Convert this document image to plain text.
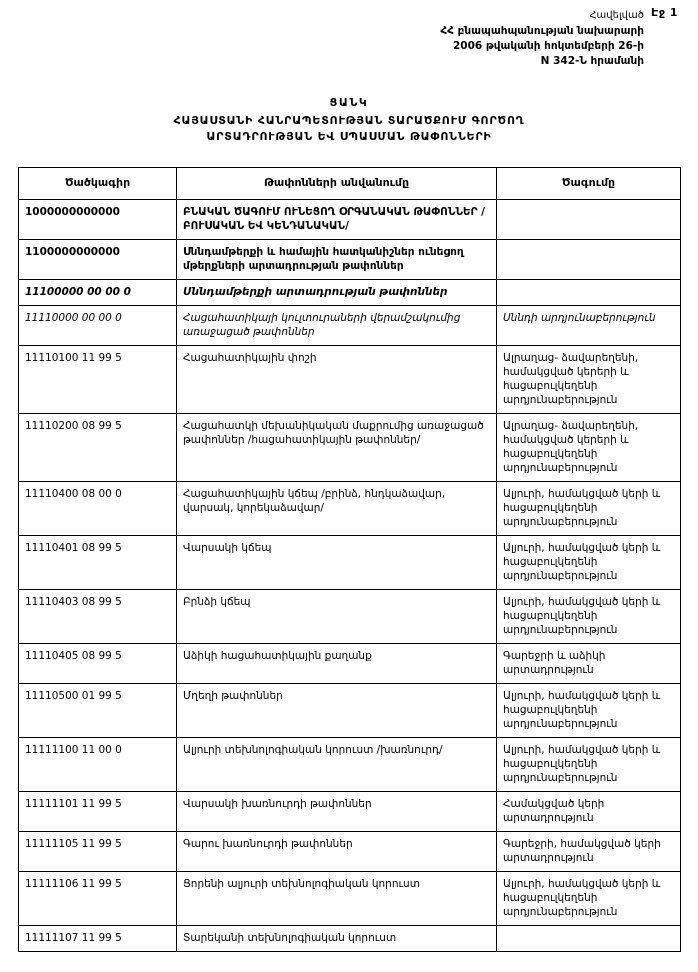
Էջ 1
Հավելված
ՀՀ բնապահպանության նախարարի
2006 թվականի հոկտեմբերի 26-ի
N 342-Ն հրամանի
ՑԱՆԿ
ՀԱՅԱՍՏԱՆԻ ՀԱՆՐԱՊԵՏՈՒԹՅԱՆ ՏԱՐԱԾՔՈՒՄ ԳՈՐԾՈՂ
ԱՐՏԱԴՐՈՒԹՅԱՆ ԵՎ ՍՊԱՍՄԱՆ ԹԱՓՈՆՆԵՐԻ
Ծածկագիր	Թափոնների անվանումը	Ծագումը
1000000000000	ԲՆԱԿԱՆ ԾԱԳՈՒՄ ՈՒՆԵՑՈՂ ՕՐԳԱՆԱԿԱՆ ԹԱՓՈՆՆԵՐ /ԲՈՒՍԱԿԱՆ ԵՎ ԿԵՆԴԱՆԱԿԱՆ/	

1100000000000	Սննդամթերքի և համային հատկանիշներ ունեցող մթերքների արտադրության թափոններ	

11100000 00 00 0	Սննդամթերքի արտադրության թափոններ	

11110000 00 00 0	Հացահատիկայի կուլտուրաների վերամշակումից առաջացած թափոններ	Սննդի արդյունաբերություն
11110100 11 99 5	Հացահատիկային փոշի	Ալրաղաց- ձավարեղենի, համակցված կերերի և հացաբուլկեղենի արդյունաբերություն
11110200 08 99 5	Հացահատկի մեխանիկական մաքրումից առաջացած թափոններ /հացահատիկային թափոններ/	Ալրաղաց- ձավարեղենի, համակցված կերերի և հացաբուլկեղենի արդյունաբերություն
11110400 08 00 0	Հացահատիկային կճեպ /բրինձ, հնդկաձավար, վարսակ, կորեկաձավար/	Ալյուրի, համակցված կերի և հացաբուլկեղենի արդյունաբերություն
11110401 08 99 5	Վարսակի կճեպ	Ալյուրի, համակցված կերի և հացաբուլկեղենի արդյունաբերություն
11110403 08 99 5	Բրնձի կճեպ	Ալյուրի, համակցված կերի և հացաբուլկեղենի արդյունաբերություն
11110405 08 99 5	Աձիկի հացահատիկային քաղանք	Գարեջրի և աձիկի արտադրություն
11110500 01 99 5	Մղեղի թափոններ	Ալյուրի, համակցված կերի և հացաբուլկեղենի արդյունաբերություն
11111100 11 00 0	Ալյուրի տեխնոլոգիական կորուստ /խառնուրդ/	Ալյուրի, համակցված կերի և հացաբուլկեղենի արդյունաբերություն
11111101 11 99 5	Վարսակի խառնուրդի թափոններ	Համակցված կերի արտադրություն
11111105 11 99 5	Գարու խառնուրդի թափոններ	Գարեջրի, համակցված կերի արտադրություն
11111106 11 99 5	Ցորենի ալյուրի տեխնոլոգիական կորուստ	Ալյուրի, համակցված կերի և հացաբուլկեղենի արդյունաբերություն
11111107 11 99 5	Տարեկանի տեխնոլոգիական կորուստ	
